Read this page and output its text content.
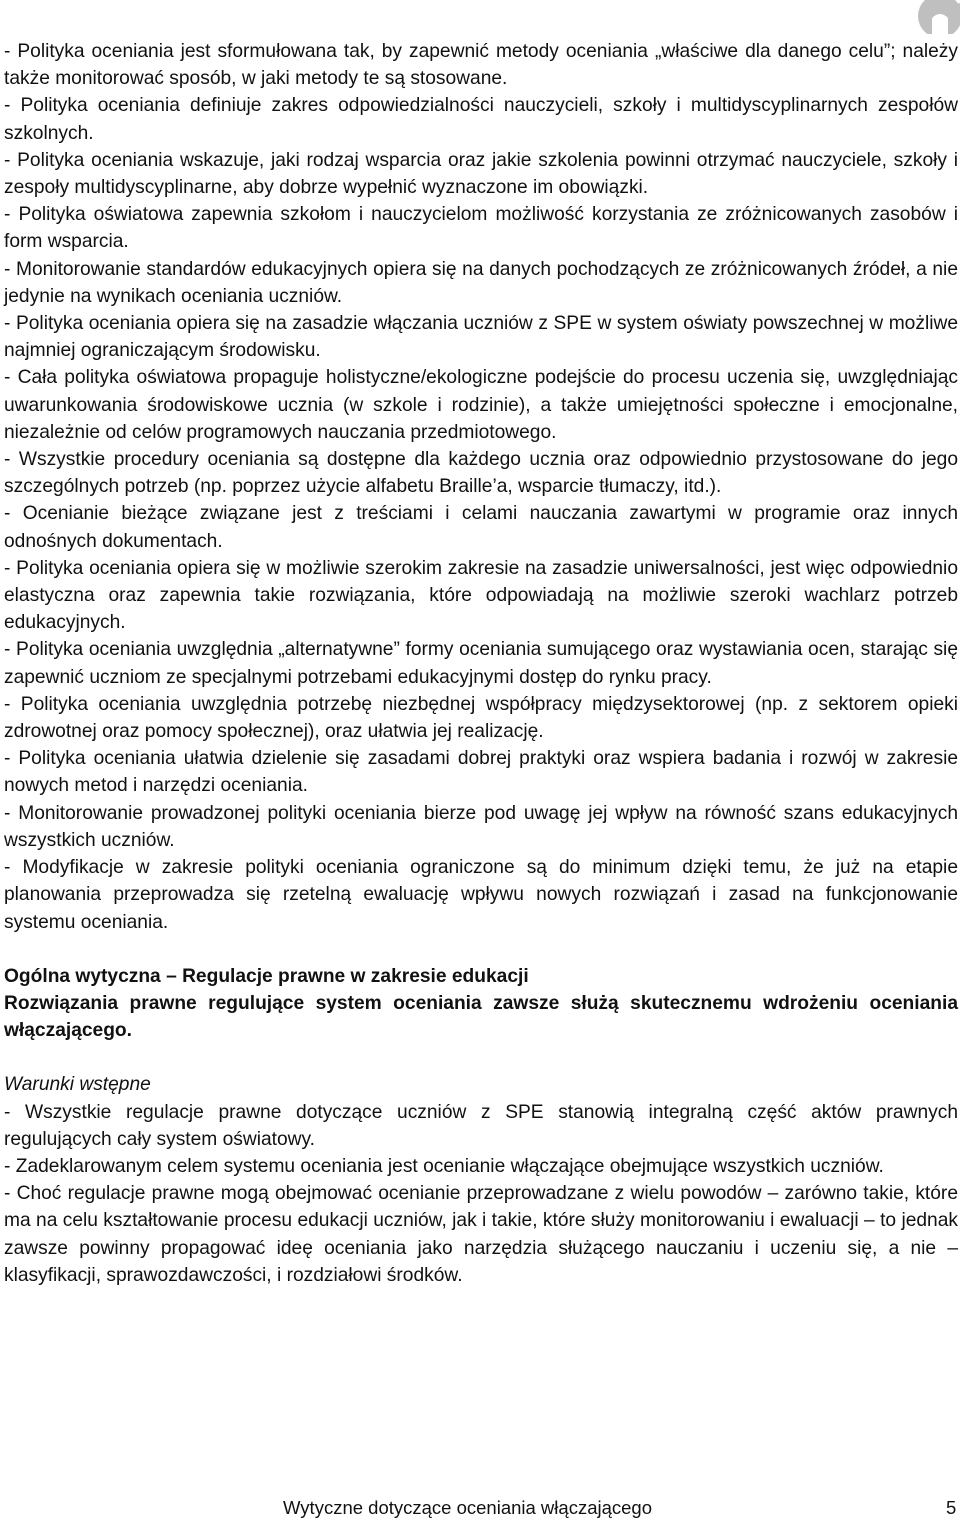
- Polityka oceniania jest sformułowana tak, by zapewnić metody oceniania „właściwe dla danego celu”; należy także monitorować sposób, w jaki metody te są stosowane.

- Polityka oceniania definiuje zakres odpowiedzialności nauczycieli, szkoły i multidyscyplinarnych zespołów szkolnych.

- Polityka oceniania wskazuje, jaki rodzaj wsparcia oraz jakie szkolenia powinni otrzymać nauczyciele, szkoły i zespoły multidyscyplinarne, aby dobrze wypełnić wyznaczone im obowiązki.

- Polityka oświatowa zapewnia szkołom i nauczycielom możliwość korzystania ze zróżnicowanych zasobów i form wsparcia.

- Monitorowanie standardów edukacyjnych opiera się na danych pochodzących ze zróżnicowanych źródeł, a nie jedynie na wynikach oceniania uczniów.

- Polityka oceniania opiera się na zasadzie włączania uczniów z SPE w system oświaty powszechnej w możliwe najmniej ograniczającym środowisku.

- Cała polityka oświatowa propaguje holistyczne/ekologiczne podejście do procesu uczenia się, uwzględniając uwarunkowania środowiskowe ucznia (w szkole i rodzinie), a także umiejętności społeczne i emocjonalne, niezależnie od celów programowych nauczania przedmiotowego.

- Wszystkie procedury oceniania są dostępne dla każdego ucznia oraz odpowiednio przystosowane do jego szczególnych potrzeb (np. poprzez użycie alfabetu Braille’a, wsparcie tłumaczy, itd.).

- Ocenianie bieżące związane jest z treściami i celami nauczania zawartymi w programie oraz innych odnośnych dokumentach.

- Polityka oceniania opiera się w możliwie szerokim zakresie na zasadzie uniwersalności, jest więc odpowiednio elastyczna oraz zapewnia takie rozwiązania, które odpowiadają na możliwie szeroki wachlarz potrzeb edukacyjnych.

- Polityka oceniania uwzględnia „alternatywne” formy oceniania sumującego oraz wystawiania ocen, starając się zapewnić uczniom ze specjalnymi potrzebami edukacyjnymi dostęp do rynku pracy.

- Polityka oceniania uwzględnia potrzebę niezbędnej współpracy międzysektorowej (np. z sektorem opieki zdrowotnej oraz pomocy społecznej), oraz ułatwia jej realizację.

- Polityka oceniania ułatwia dzielenie się zasadami dobrej praktyki oraz wspiera badania i rozwój w zakresie nowych metod i narzędzi oceniania.

- Monitorowanie prowadzonej polityki oceniania bierze pod uwagę jej wpływ na równość szans edukacyjnych wszystkich uczniów.

- Modyfikacje w zakresie polityki oceniania ograniczone są do minimum dzięki temu, że już na etapie planowania przeprowadza się rzetelną ewaluację wpływu nowych rozwiązań i zasad na funkcjonowanie systemu oceniania.

Ogólna wytyczna – Regulacje prawne w zakresie edukacji

Rozwiązania prawne regulujące system oceniania zawsze służą skutecznemu wdrożeniu oceniania włączającego.

Warunki wstępne

- Wszystkie regulacje prawne dotyczące uczniów z SPE stanowią integralną część aktów prawnych regulujących cały system oświatowy.

- Zadeklarowanym celem systemu oceniania jest ocenianie włączające obejmujące wszystkich uczniów.

- Choć regulacje prawne mogą obejmować ocenianie przeprowadzane z wielu powodów – zarówno takie, które ma na celu kształtowanie procesu edukacji uczniów, jak i takie, które służy monitorowaniu i ewaluacji – to jednak zawsze powinny propagować ideę oceniania jako narzędzia służącego nauczaniu i uczeniu się, a nie – klasyfikacji, sprawozdawczości, i rozdziałowi środków.

Wytyczne dotyczące oceniania włączającego	5
